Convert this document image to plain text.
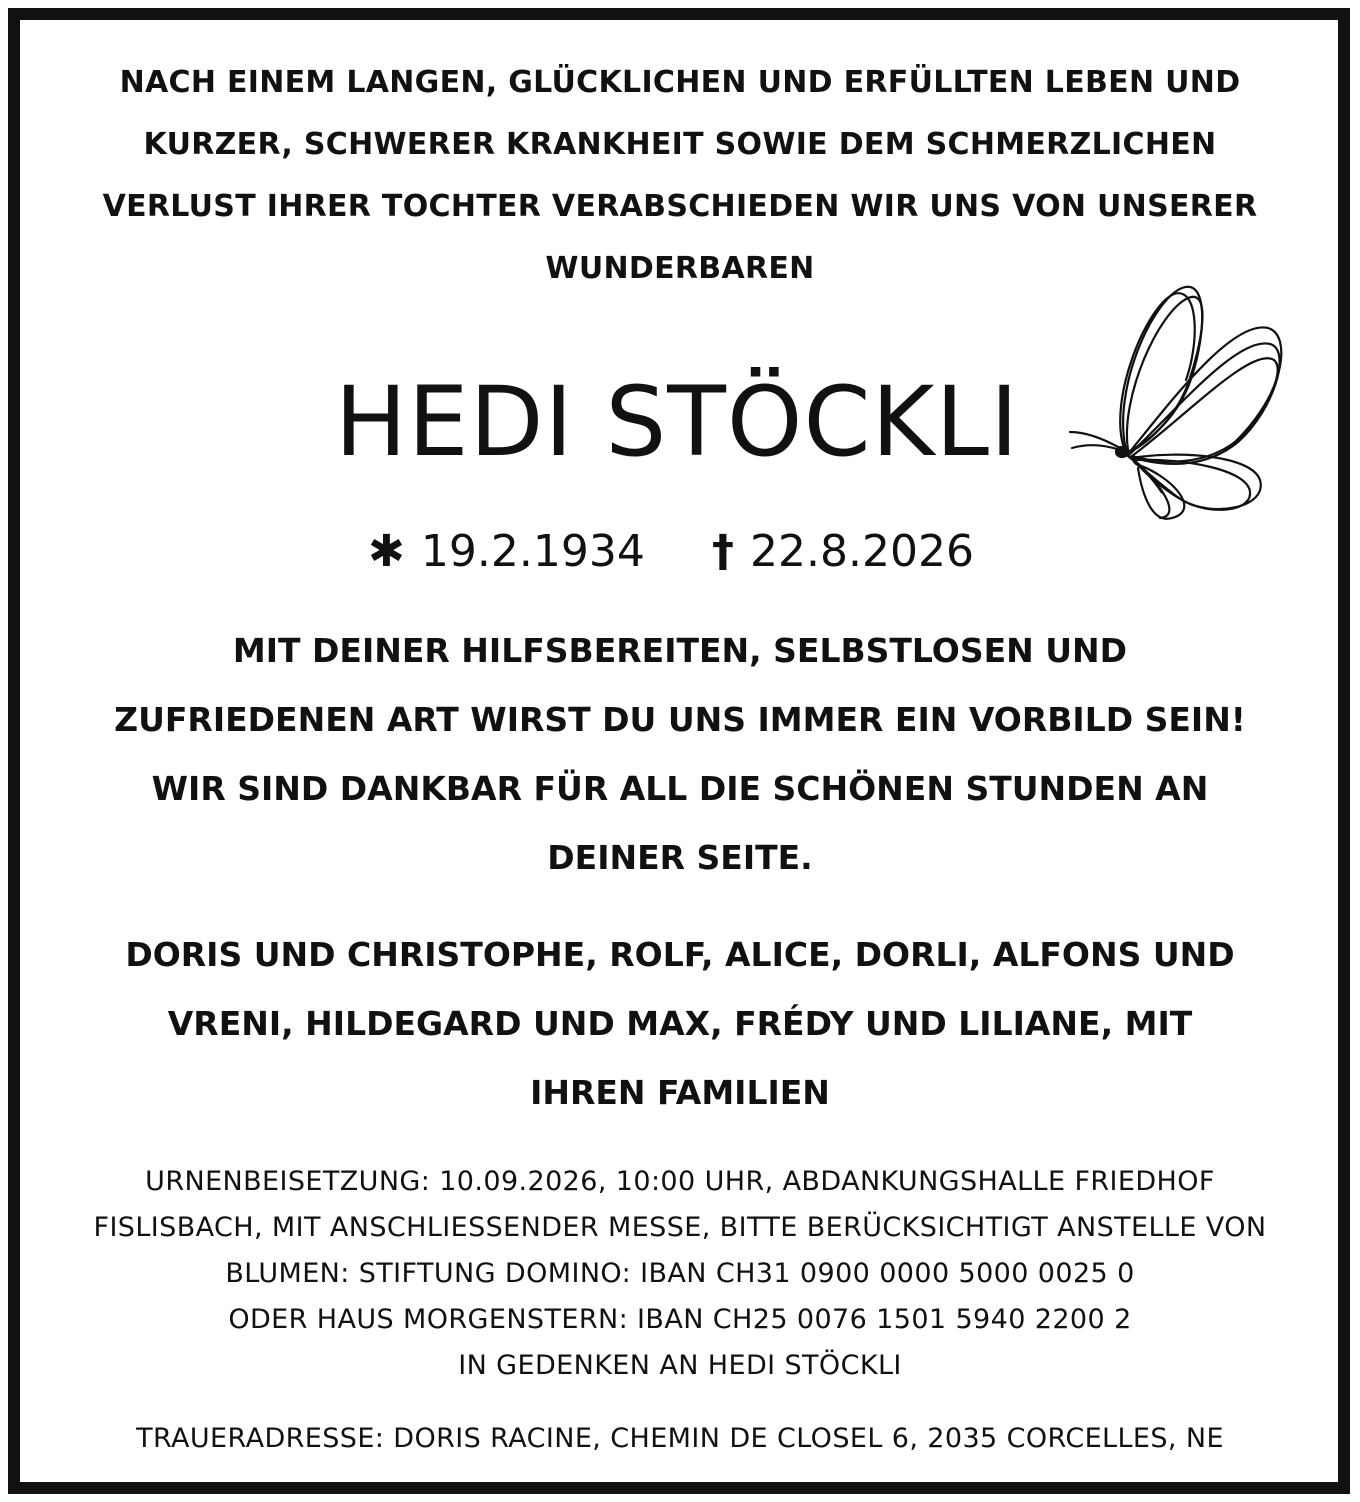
NACH EINEM LANGEN, GLÜCKLICHEN UND ERFÜLLTEN LEBEN UND
KURZER, SCHWERER KRANKHEIT SOWIE DEM SCHMERZLICHEN
VERLUST IHRER TOCHTER VERABSCHIEDEN WIR UNS VON UNSERER
WUNDERBAREN
HEDI STÖCKLI
✱ 19.2.1934 † 22.8.2026
MIT DEINER HILFSBEREITEN, SELBSTLOSEN UND
ZUFRIEDENEN ART WIRST DU UNS IMMER EIN VORBILD SEIN!
WIR SIND DANKBAR FÜR ALL DIE SCHÖNEN STUNDEN AN
DEINER SEITE.
DORIS UND CHRISTOPHE, ROLF, ALICE, DORLI, ALFONS UND
VRENI, HILDEGARD UND MAX, FRÉDY UND LILIANE, MIT
IHREN FAMILIEN
URNENBEISETZUNG: 10.09.2026, 10:00 UHR, ABDANKUNGSHALLE FRIEDHOF
FISLISBACH, MIT ANSCHLIESSENDER MESSE, BITTE BERÜCKSICHTIGT ANSTELLE VON
BLUMEN: STIFTUNG DOMINO: IBAN CH31 0900 0000 5000 0025 0
ODER HAUS MORGENSTERN: IBAN CH25 0076 1501 5940 2200 2
IN GEDENKEN AN HEDI STÖCKLI
TRAUERADRESSE: DORIS RACINE, CHEMIN DE CLOSEL 6, 2035 CORCELLES, NE
